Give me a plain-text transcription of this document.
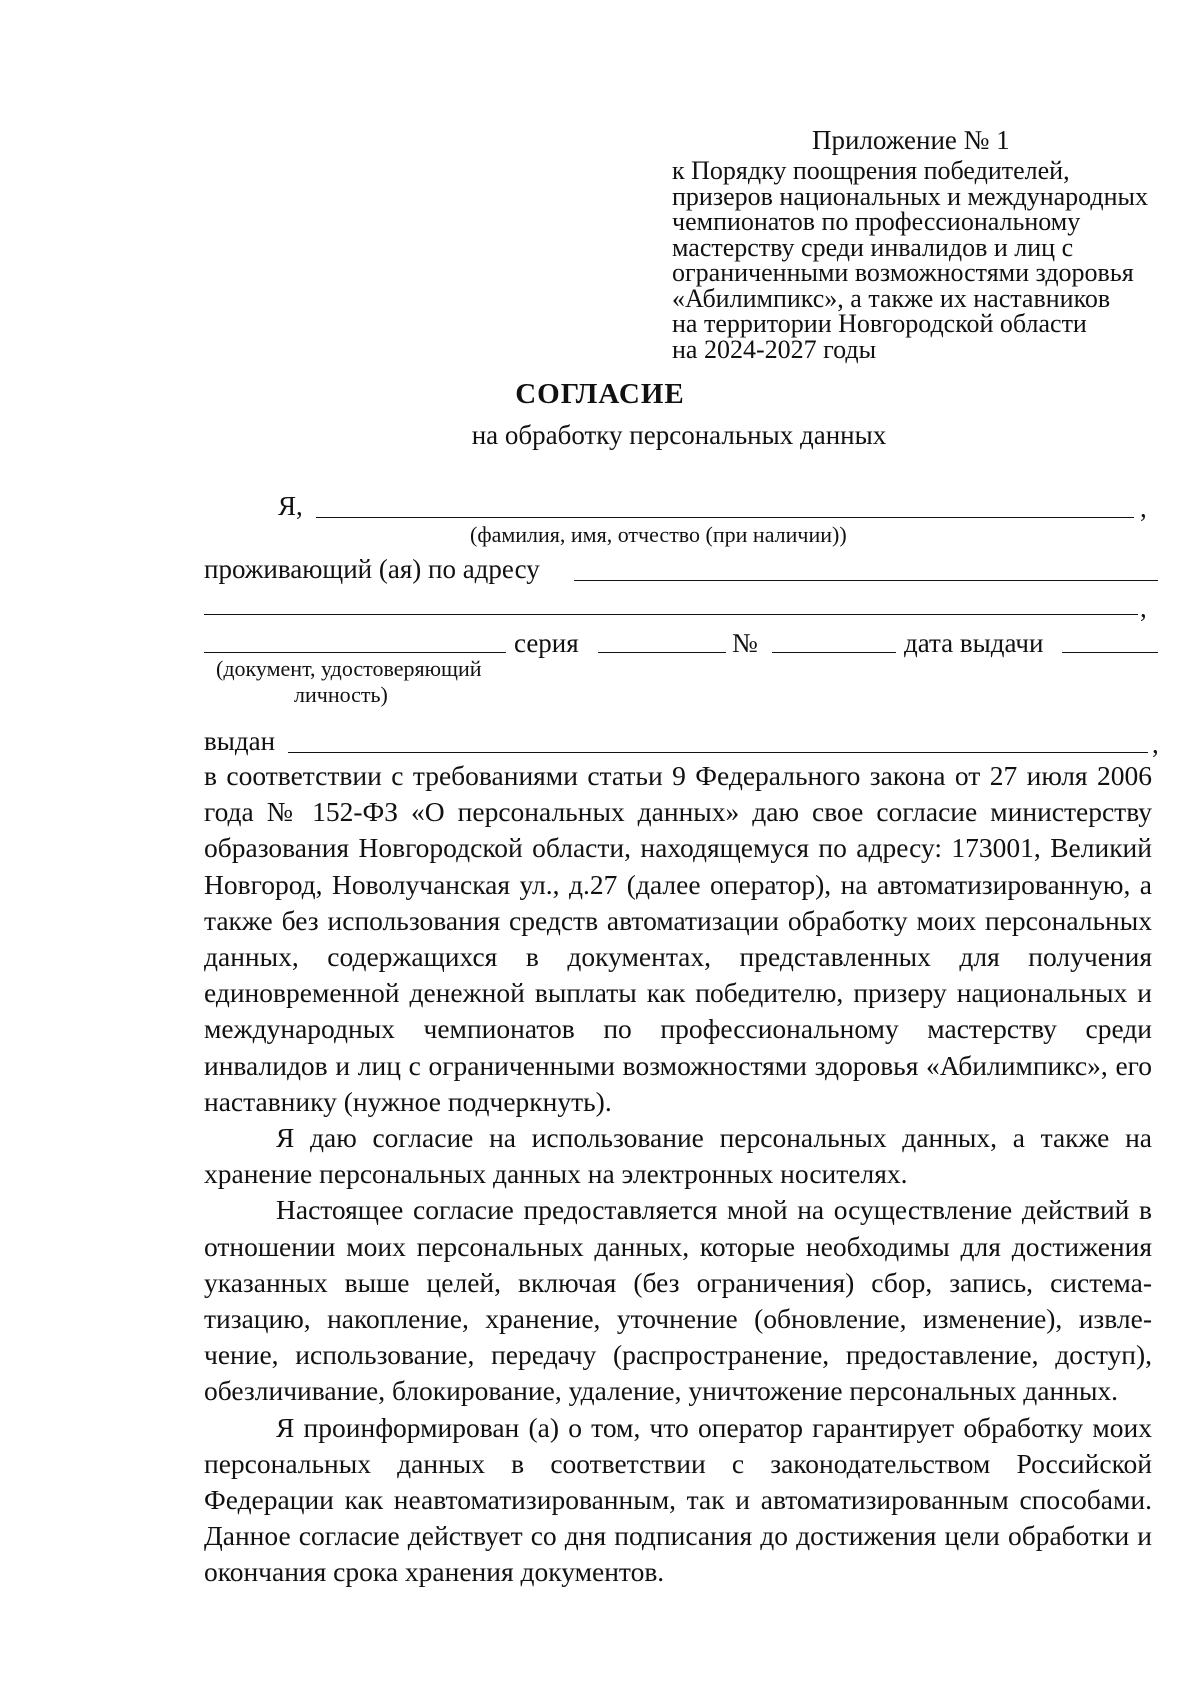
Приложение № 1
к Порядку поощрения победителей,
призеров национальных и международных
чемпионатов по профессиональному
мастерству среди инвалидов и лиц с
ограниченными возможностями здоровья
«Абилимпикс», а также их наставников
на территории Новгородской области
на 2024-2027 годы
СОГЛАСИЕ
на обработку персональных данных
Я,	,
(фамилия, имя, отчество (при наличии))
проживающий (ая) по адресу
,
серия	№	дата выдачи
(документ, удостоверяющий
личность)
выдан	,

в соответствии с требованиями статьи 9 Федерального закона от 27 июля 2006 года № 152-ФЗ «О персональных данных» даю свое согласие министерству образования Новгородской области, находящемуся по адресу: 173001, Великий Новгород, Новолучанская ул., д.27 (далее оператор), на автоматизированную, а также без использования средств автоматизации обработку моих персональных данных, содержащихся в документах, представленных для получения единовременной денежной выплаты как победителю, призеру национальных и международных чемпионатов по профессиональному мастерству среди инвалидов и лиц с ограниченными возможностями здоровья «Абилимпикс», его наставнику (нужное подчеркнуть).

Я даю согласие на использование персональных данных, а также на хранение персональных данных на электронных носителях.

Настоящее согласие предоставляется мной на осуществление действий в отношении моих персональных данных, которые необходимы для достижения указанных выше целей, включая (без ограничения) сбор, запись, система-тизацию, накопление, хранение, уточнение (обновление, изменение), извле-чение, использование, передачу (распространение, предоставление, доступ), обезличивание, блокирование, удаление, уничтожение персональных данных.

Я проинформирован (а) о том, что оператор гарантирует обработку моих персональных данных в соответствии с законодательством Российской Федерации как неавтоматизированным, так и автоматизированным способами. Данное согласие действует со дня подписания до достижения цели обработки и окончания срока хранения документов.
